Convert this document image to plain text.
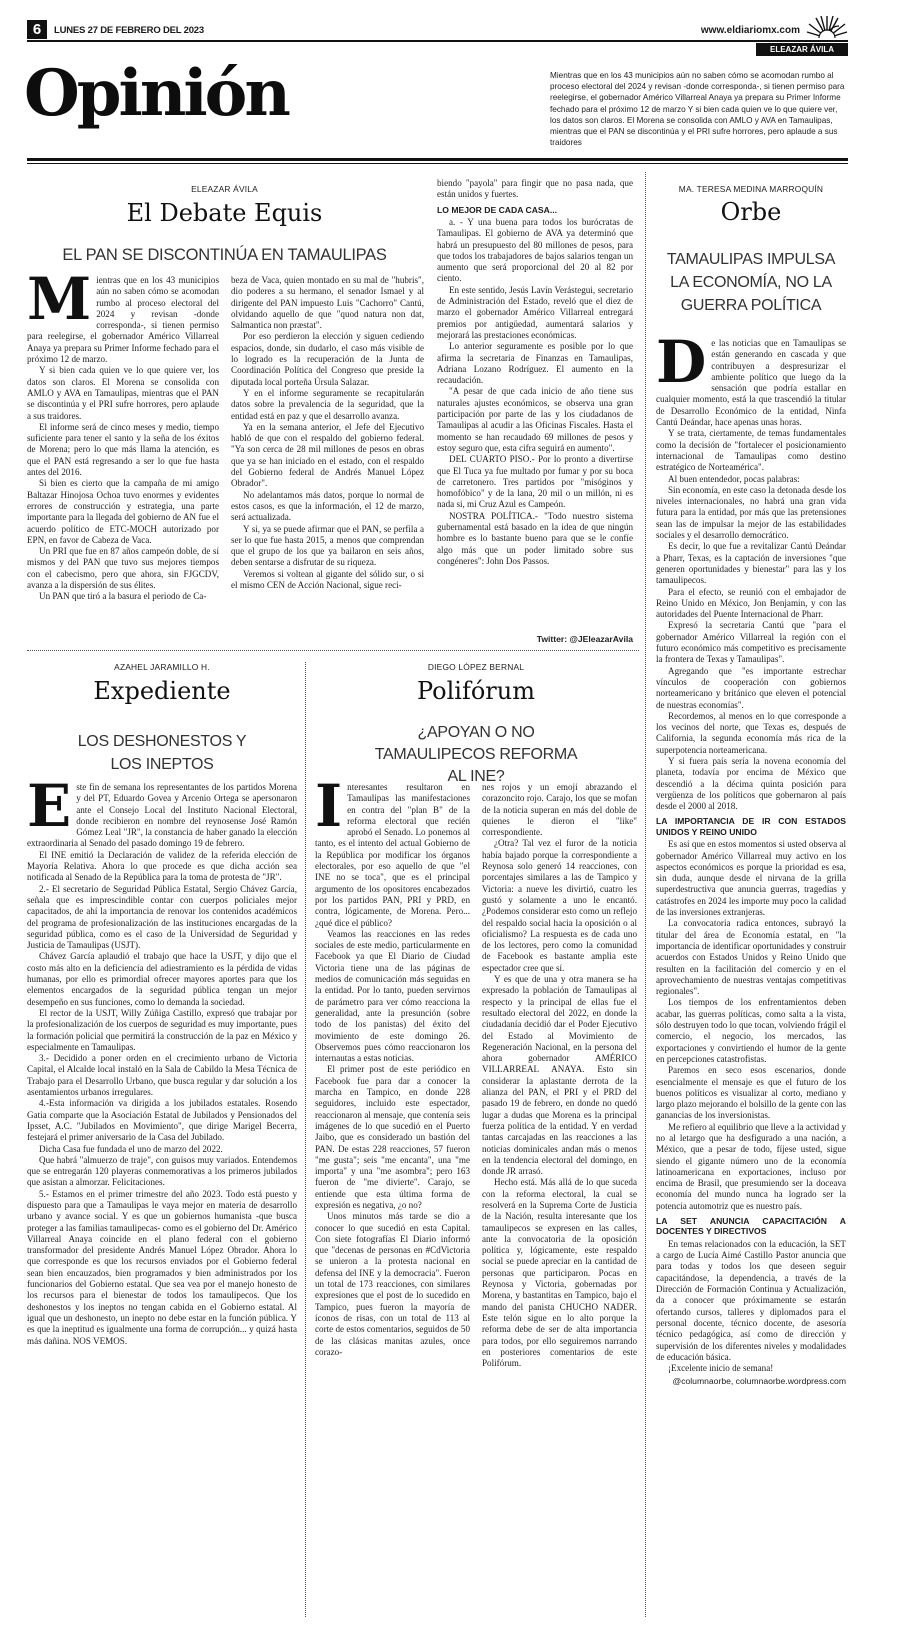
6	LUNES 27 DE FEBRERO DEL 2023	www.eldiariomx.com
ELEAZAR ÁVILA
Opinión	Mientras que en los 43 municipios aún no saben cómo se acomodan rumbo al proceso electoral del 2024 y revisan -donde corresponda-, si tienen permiso para reelegirse, el gobernador Américo Villarreal Anaya ya prepara su Primer Informe fechado para el próximo 12 de marzo Y si bien cada quien ve lo que quiere ver, los datos son claros. El Morena se consolida con AMLO y AVA en Tamaulipas, mientras que el PAN se discontinúa y el PRI sufre horrores, pero aplaude a sus traidores
ELEAZAR ÁVILA
El Debate Equis
EL PAN SE DISCONTINÚA EN TAMAULIPAS
M ientras que en los 43 municipios aún no saben cómo se acomodan rumbo al proceso electoral del 2024 y revisan -donde corresponda-, si tienen permiso para reelegirse, el gobernador Américo Villarreal Anaya ya prepara su Primer Informe fechado para el próximo 12 de marzo.

Y si bien cada quien ve lo que quiere ver, los datos son claros. El Morena se consolida con AMLO y AVA en Tamaulipas, mientras que el PAN se discontinúa y el PRI sufre horrores, pero aplaude a sus traidores.

El informe será de cinco meses y medio, tiempo suficiente para tener el santo y la seña de los éxitos de Morena; pero lo que más llama la atención, es que el PAN está regresando a ser lo que fue hasta antes del 2016.

Si bien es cierto que la campaña de mi amigo Baltazar Hinojosa Ochoa tuvo enormes y evidentes errores de construcción y estrategia, una parte importante para la llegada del gobierno de AN fue el acuerdo político de ETC-MOCH autorizado por EPN, en favor de Cabeza de Vaca.

Un PRI que fue en 87 años campeón doble, de sí mismos y del PAN que tuvo sus mejores tiempos con el cabecismo, pero que ahora, sin FJGCDV, avanza a la dispersión de sus élites.

Un PAN que tiró a la basura el periodo de Ca-

beza de Vaca, quien montado en su mal de "hubris", dio poderes a su hermano, el senador Ismael y al dirigente del PAN impuesto Luis "Cachorro" Cantú, olvidando aquello de que "quod natura non dat, Salmantica non præstat".

Por eso perdieron la elección y siguen cediendo espacios, donde, sin dudarlo, el caso más visible de lo logrado es la recuperación de la Junta de Coordinación Política del Congreso que preside la diputada local porteña Úrsula Salazar.

Y en el informe seguramente se recapitularán datos sobre la prevalencia de la seguridad, que la entidad está en paz y que el desarrollo avanza.

Ya en la semana anterior, el Jefe del Ejecutivo habló de que con el respaldo del gobierno federal. "Ya son cerca de 28 mil millones de pesos en obras que ya se han iniciado en el estado, con el respaldo del Gobierno federal de Andrés Manuel López Obrador".

No adelantamos más datos, porque lo normal de estos casos, es que la información, el 12 de marzo, será actualizada.

Y si, ya se puede afirmar que el PAN, se perfila a ser lo que fue hasta 2015, a menos que comprendan que el grupo de los que ya bailaron en seis años, deben sentarse a disfrutar de su riqueza.

Veremos si voltean al gigante del sólido sur, o si el mismo CEN de Acción Nacional, sigue reci-

biendo "payola" para fingir que no pasa nada, que están unidos y fuertes.

LO MEJOR DE CADA CASA...

a. - Y una buena para todos los burócratas de Tamaulipas. El gobierno de AVA ya determinó que habrá un presupuesto del 80 millones de pesos, para que todos los trabajadores de bajos salarios tengan un aumento que será proporcional del 20 al 82 por ciento.

En este sentido, Jesús Lavín Verástegui, secretario de Administración del Estado, reveló que el diez de marzo el gobernador Américo Villarreal entregará premios por antigüedad, aumentará salarios y mejorará las prestaciones económicas.

Lo anterior seguramente es posible por lo que afirma la secretaria de Finanzas en Tamaulipas, Adriana Lozano Rodríguez. El aumento en la recaudación.

"A pesar de que cada inicio de año tiene sus naturales ajustes económicos, se observa una gran participación por parte de las y los ciudadanos de Tamaulipas al acudir a las Oficinas Fiscales. Hasta el momento se han recaudado 69 millones de pesos y estoy seguro que, esta cifra seguirá en aumento".

DEL CUARTO PISO.- Por lo pronto a divertirse que El Tuca ya fue multado por fumar y por su boca de carretonero. Tres partidos por "misóginos y homofóbico" y de la lana, 20 mil o un millón, ni es nada si, mi Cruz Azul es Campeón.

NOSTRA POLÍTICA.- "Todo nuestro sistema gubernamental está basado en la idea de que ningún hombre es lo bastante bueno para que se le confíe algo más que un poder limitado sobre sus congéneres": John Dos Passos.

Twitter: @JEleazarAvila
MA. TERESA MEDINA MARROQUÍN
Orbe
TAMAULIPAS IMPULSA LA ECONOMÍA, NO LA GUERRA POLÍTICA
D e las noticias que en Tamaulipas se están generando en cascada y que contribuyen a despresurizar el ambiente político que luego da la sensación que podría estallar en cualquier momento, está la que trascendió la titular de Desarrollo Económico de la entidad, Ninfa Cantú Deándar, hace apenas unas horas.

Y se trata, ciertamente, de temas fundamentales como la decisión de "fortalecer el posicionamiento internacional de Tamaulipas como destino estratégico de Norteamérica".

Al buen entendedor, pocas palabras:

Sin economía, en este caso la detonada desde los niveles internacionales, no habrá una gran vida futura para la entidad, por más que las pretensiones sean las de impulsar la mejor de las estabilidades sociales y el desarrollo democrático.

Es decir, lo que fue a revitalizar Cantú Deándar a Pharr, Texas, es la captación de inversiones "que generen oportunidades y bienestar" para las y los tamaulipecos.

Para el efecto, se reunió con el embajador de Reino Unido en México, Jon Benjamin, y con las autoridades del Puente Internacional de Pharr.

Expresó la secretaria Cantú que "para el gobernador Américo Villarreal la región con el futuro económico más competitivo es precisamente la frontera de Texas y Tamaulipas".

Agregando que "es importante estrechar vínculos de cooperación con gobiernos norteamericano y británico que eleven el potencial de nuestras economías".

Recordemos, al menos en lo que corresponde a los vecinos del norte, que Texas es, después de California, la segunda economía más rica de la superpotencia norteamericana.

Y si fuera país sería la novena economía del planeta, todavía por encima de México que descendió a la décima quinta posición para vergüenza de los políticos que gobernaron al país desde el 2000 al 2018.

LA IMPORTANCIA DE IR CON ESTADOS UNIDOS Y REINO UNIDO

Es así que en estos momentos si usted observa al gobernador Américo Villarreal muy activo en los aspectos económicos es porque la prioridad es esa, sin duda, aunque desde el nirvana de la grilla superdestructiva que anuncia guerras, tragedias y catástrofes en 2024 les importe muy poco la calidad de las inversiones extranjeras.

La convocatoria radica entonces, subrayó la titular del área de Economía estatal, en "la importancia de identificar oportunidades y construir acuerdos con Estados Unidos y Reino Unido que resulten en la facilitación del comercio y en el aprovechamiento de nuestras ventajas competitivas regionales".

Los tiempos de los enfrentamientos deben acabar, las guerras políticas, como salta a la vista, sólo destruyen todo lo que tocan, volviendo frágil el comercio, el negocio, los mercados, las exportaciones y convirtiendo el humor de la gente en percepciones catastrofistas.

Paremos en seco esos escenarios, donde esencialmente el mensaje es que el futuro de los buenos políticos es visualizar al corto, mediano y largo plazo mejorando el bolsillo de la gente con las ganancias de los inversionistas.

Me refiero al equilibrio que lleve a la actividad y no al letargo que ha desfigurado a una nación, a México, que a pesar de todo, fíjese usted, sigue siendo el gigante número uno de la economía latinoamericana en exportaciones, incluso por encima de Brasil, que presumiendo ser la doceava economía del mundo nunca ha logrado ser la potencia automotriz que es nuestro país.

LA SET ANUNCIA CAPACITACIÓN A DOCENTES Y DIRECTIVOS

En temas relacionados con la educación, la SET a cargo de Lucía Aimé Castillo Pastor anuncia que para todas y todos los que deseen seguir capacitándose, la dependencia, a través de la Dirección de Formación Continua y Actualización, da a conocer que próximamente se estarán ofertando cursos, talleres y diplomados para el personal docente, técnico docente, de asesoría técnico pedagógica, así como de dirección y supervisión de los diferentes niveles y modalidades de educación básica.

¡Excelente inicio de semana!

@columnaorbe, columnaorbe.wordpress.com
AZAHEL JARAMILLO H.
Expediente
LOS DESHONESTOS Y LOS INEPTOS
E ste fin de semana los representantes de los partidos Morena y del PT, Eduardo Govea y Arcenio Ortega se apersonaron ante el Consejo Local del Instituto Nacional Electoral, donde recibieron en nombre del reynosense José Ramón Gómez Leal "JR", la constancia de haber ganado la elección extraordinaria al Senado del pasado domingo 19 de febrero.

El INE emitió la Declaración de validez de la referida elección de Mayoría Relativa. Ahora lo que procede es que dicha acción sea notificada al Senado de la República para la toma de protesta de "JR".

2.- El secretario de Seguridad Pública Estatal, Sergio Chávez García, señala que es imprescindible contar con cuerpos policiales mejor capacitados, de ahí la importancia de renovar los contenidos académicos del programa de profesionalización de las instituciones encargadas de la seguridad pública, como es el caso de la Universidad de Seguridad y Justicia de Tamaulipas (USJT).

Chávez García aplaudió el trabajo que hace la USJT, y dijo que el costo más alto en la deficiencia del adiestramiento es la pérdida de vidas humanas, por ello es primordial ofrecer mayores aportes para que los elementos encargados de la seguridad pública tengan un mejor desempeño en sus funciones, como lo demanda la sociedad.

El rector de la USJT, Willy Zúñiga Castillo, expresó que trabajar por la profesionalización de los cuerpos de seguridad es muy importante, pues la formación policial que permitirá la construcción de la paz en México y especialmente en Tamaulipas.

3.- Decidido a poner orden en el crecimiento urbano de Victoria Capital, el Alcalde local instaló en la Sala de Cabildo la Mesa Técnica de Trabajo para el Desarrollo Urbano, que busca regular y dar solución a los asentamientos urbanos irregulares.

4.-Esta información va dirigida a los jubilados estatales. Rosendo Gatia comparte que la Asociación Estatal de Jubilados y Pensionados del Ipsset, A.C. "Jubilados en Movimiento", que dirige Marigel Becerra, festejará el primer aniversario de la Casa del Jubilado.

Dicha Casa fue fundada el uno de marzo del 2022.

Que habrá "almuerzo de traje", con guisos muy variados. Entendemos que se entregarán 120 playeras conmemorativas a los primeros jubilados que asistan a almorzar. Felicitaciones.

5.- Estamos en el primer trimestre del año 2023. Todo está puesto y dispuesto para que a Tamaulipas le vaya mejor en materia de desarrollo urbano y avance social. Y es que un gobiernos humanista -que busca proteger a las familias tamaulipecas- como es el gobierno del Dr. Américo Villarreal Anaya coincide en el plano federal con el gobierno transformador del presidente Andrés Manuel López Obrador. Ahora lo que corresponde es que los recursos enviados por el Gobierno federal sean bien encauzados, bien programados y bien administrados por los funcionarios del Gobierno estatal. Que sea vea por el manejo honesto de los recursos para el bienestar de todos los tamaulipecos. Que los deshonestos y los ineptos no tengan cabida en el Gobierno estatal. Al igual que un deshonesto, un inepto no debe estar en la función pública. Y es que la ineptitud es igualmente una forma de corrupción... y quizá hasta más dañina. NOS VEMOS.

DIEGO LÓPEZ BERNAL
Polifórum
¿APOYAN O NO TAMAULIPECOS REFORMA AL INE?
I nteresantes resultaron en Tamaulipas las manifestaciones en contra del "plan B" de la reforma electoral que recién aprobó el Senado. Lo ponemos al tanto, es el intento del actual Gobierno de la República por modificar los órganos electorales, por eso aquello de que "el INE no se toca", que es el principal argumento de los opositores encabezados por los partidos PAN, PRI y PRD, en contra, lógicamente, de Morena. Pero... ¿qué dice el público?

Veamos las reacciones en las redes sociales de este medio, particularmente en Facebook ya que El Diario de Ciudad Victoria tiene una de las páginas de medios de comunicación más seguidas en la entidad. Por lo tanto, pueden servirnos de parámetro para ver cómo reacciona la generalidad, ante la presunción (sobre todo de los panistas) del éxito del movimiento de este domingo 26. Observemos pues cómo reaccionaron los internautas a estas noticias.

El primer post de este periódico en Facebook fue para dar a conocer la marcha en Tampico, en donde 228 seguidores, incluido este espectador, reaccionaron al mensaje, que contenía seis imágenes de lo que sucedió en el Puerto Jaibo, que es considerado un bastión del PAN. De estas 228 reacciones, 57 fueron "me gusta"; seis "me encanta", una "me importa" y una "me asombra"; pero 163 fueron de "me divierte". Carajo, se entiende que esta última forma de expresión es negativa, ¿o no?

Unos minutos más tarde se dio a conocer lo que sucedió en esta Capital. Con siete fotografías El Diario informó que "decenas de personas en #CdVictoria se unieron a la protesta nacional en defensa del INE y la democracia". Fueron un total de 173 reacciones, con similares expresiones que el post de lo sucedido en Tampico, pues fueron la mayoría de íconos de risas, con un total de 113 al corte de estos comentarios, seguidos de 50 de las clásicas manitas azules, once corazo-

nes rojos y un emoji abrazando el corazoncito rojo. Carajo, los que se mofan de la noticia superan en más del doble de quienes le dieron el "like" correspondiente.

¿Otra? Tal vez el furor de la noticia había bajado porque la correspondiente a Reynosa solo generó 14 reacciones, con porcentajes similares a las de Tampico y Victoria: a nueve les divirtió, cuatro les gustó y solamente a uno le encantó. ¿Podemos considerar esto como un reflejo del respaldo social hacia la oposición o al oficialismo? La respuesta es de cada uno de los lectores, pero como la comunidad de Facebook es bastante amplia este espectador cree que sí.

Y es que de una y otra manera se ha expresado la población de Tamaulipas al respecto y la principal de ellas fue el resultado electoral del 2022, en donde la ciudadanía decidió dar el Poder Ejecutivo del Estado al Movimiento de Regeneración Nacional, en la persona del ahora gobernador AMÉRICO VILLARREAL ANAYA. Esto sin considerar la aplastante derrota de la alianza del PAN, el PRI y el PRD del pasado 19 de febrero, en donde no quedó lugar a dudas que Morena es la principal fuerza política de la entidad. Y en verdad tantas carcajadas en las reacciones a las noticias dominicales andan más o menos en la tendencia electoral del domingo, en donde JR arrasó.

Hecho está. Más allá de lo que suceda con la reforma electoral, la cual se resolverá en la Suprema Corte de Justicia de la Nación, resulta interesante que los tamaulipecos se expresen en las calles, ante la convocatoria de la oposición política y, lógicamente, este respaldo social se puede apreciar en la cantidad de personas que participaron. Pocas en Reynosa y Victoria, gobernadas por Morena, y bastantitas en Tampico, bajo el mando del panista CHUCHO NADER. Este telón sigue en lo alto porque la reforma debe de ser de alta importancia para todos, por ello seguiremos narrando en posteriores comentarios de este Polifórum.
